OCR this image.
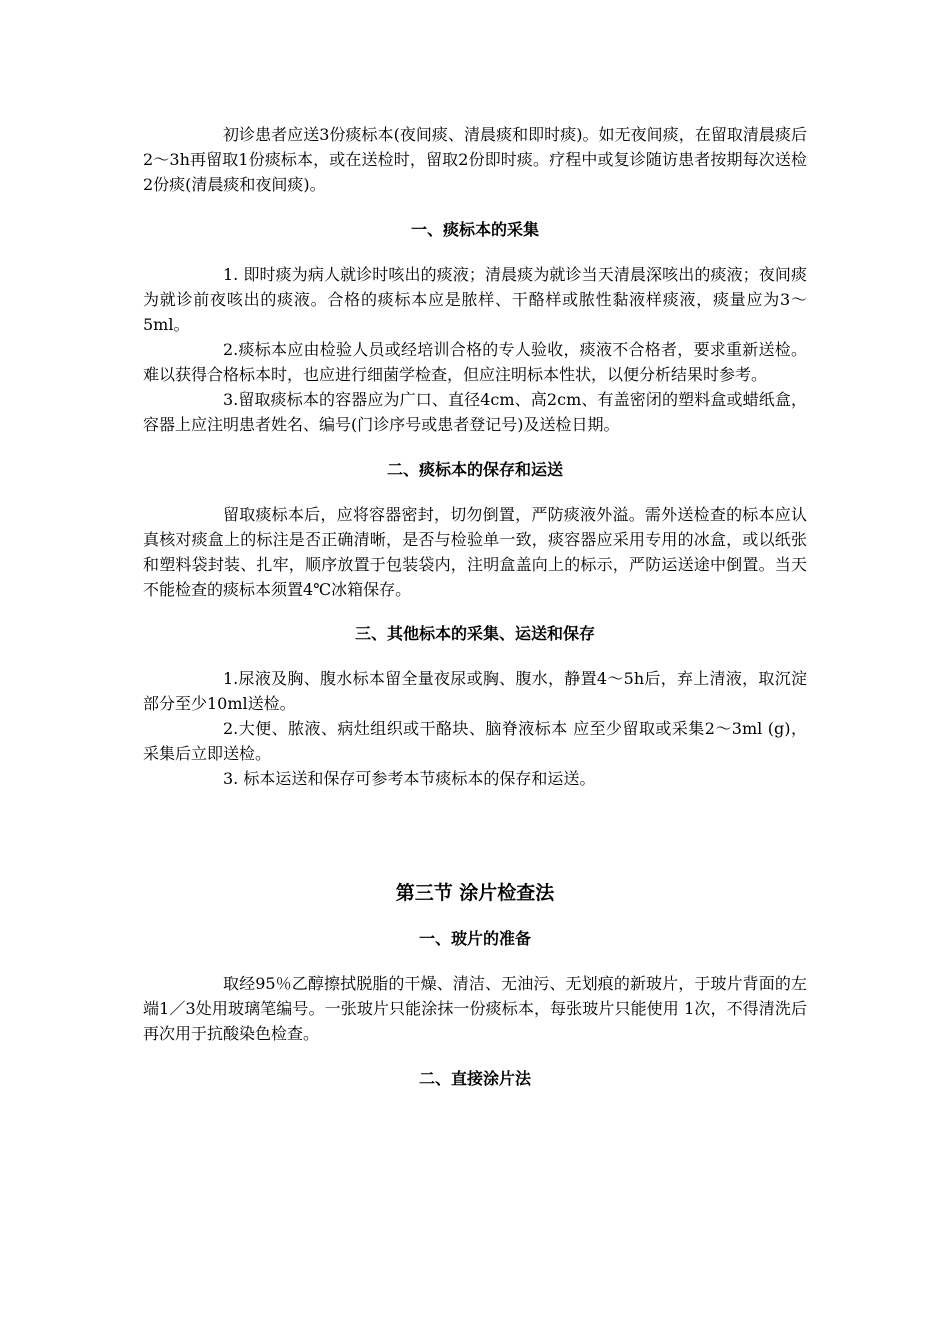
初诊患者应送3份痰标本(夜间痰、清晨痰和即时痰)。如无夜间痰，在留取清晨痰后2～3h再留取1份痰标本，或在送检时，留取2份即时痰。疗程中或复诊随访患者按期每次送检2份痰(清晨痰和夜间痰)。

一、痰标本的采集

1. 即时痰为病人就诊时咳出的痰液；清晨痰为就诊当天清晨深咳出的痰液；夜间痰为就诊前夜咳出的痰液。合格的痰标本应是脓样、干酪样或脓性黏液样痰液，痰量应为3～5ml。

2.痰标本应由检验人员或经培训合格的专人验收，痰液不合格者，要求重新送检。难以获得合格标本时，也应进行细菌学检查，但应注明标本性状，以便分析结果时参考。

3.留取痰标本的容器应为广口、直径4cm、高2cm、有盖密闭的塑料盒或蜡纸盒，容器上应注明患者姓名、编号(门诊序号或患者登记号)及送检日期。

二、痰标本的保存和运送

留取痰标本后，应将容器密封，切勿倒置，严防痰液外溢。需外送检查的标本应认真核对痰盒上的标注是否正确清晰，是否与检验单一致，痰容器应采用专用的冰盒，或以纸张和塑料袋封装、扎牢，顺序放置于包装袋内，注明盒盖向上的标示，严防运送途中倒置。当天不能检查的痰标本须置4℃冰箱保存。

三、其他标本的采集、运送和保存

1.尿液及胸、腹水标本留全量夜尿或胸、腹水，静置4～5h后，弃上清液，取沉淀部分至少10ml送检。

2.大便、脓液、病灶组织或干酪块、脑脊液标本 应至少留取或采集2～3ml (g)，采集后立即送检。

3. 标本运送和保存可参考本节痰标本的保存和运送。

第三节 涂片检查法
一、玻片的准备

取经95％乙醇擦拭脱脂的干燥、清洁、无油污、无划痕的新玻片，于玻片背面的左端1／3处用玻璃笔编号。一张玻片只能涂抹一份痰标本，每张玻片只能使用 1次，不得清洗后再次用于抗酸染色检查。

二、直接涂片法
